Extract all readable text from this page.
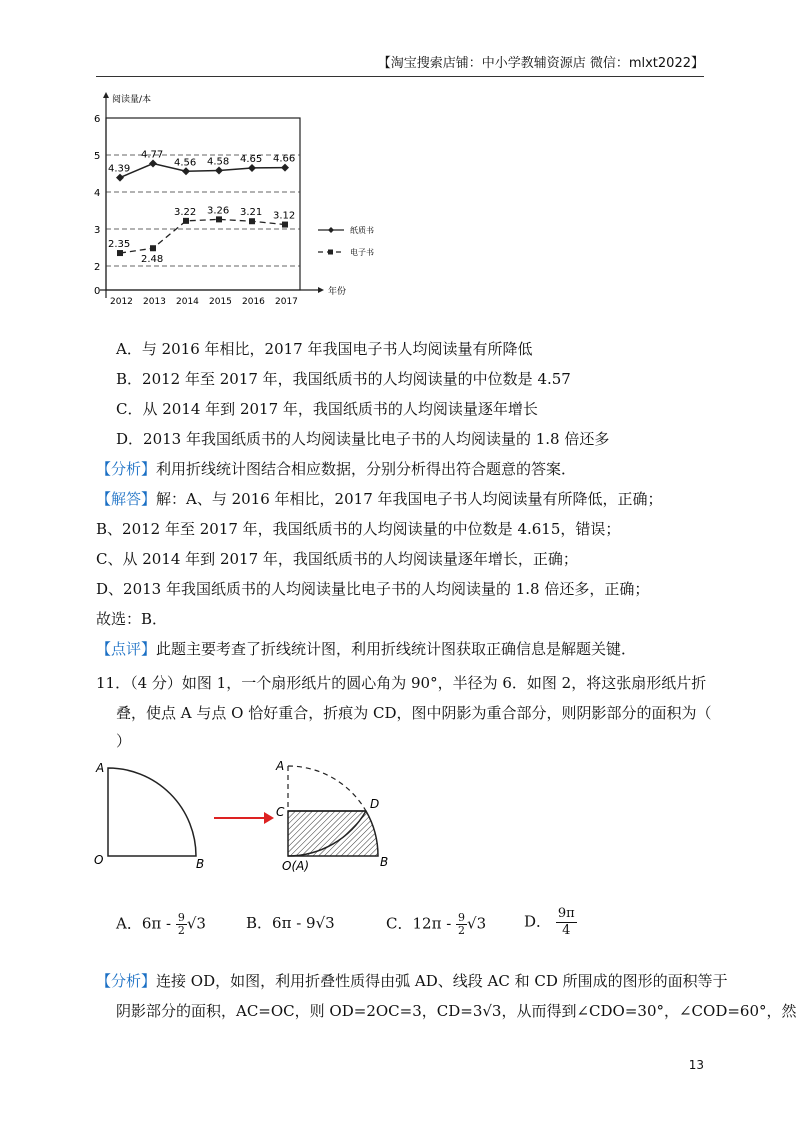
【淘宝搜索店铺：中小学教辅资源店 微信：mlxt2022】
阅读量/本
年份
0
2
3
4
5
6
2012 2013 2014 2015 2016 2017
纸质书
电子书
4.39
4.77
4.56 4.58 4.65 4.66
2.35
2.48
3.22 3.26 3.21 3.12
A．与 2016 年相比，2017 年我国电子书人均阅读量有所降低
B．2012 年至 2017 年，我国纸质书的人均阅读量的中位数是 4.57
C．从 2014 年到 2017 年，我国纸质书的人均阅读量逐年增长
D．2013 年我国纸质书的人均阅读量比电子书的人均阅读量的 1.8 倍还多
【分析】利用折线统计图结合相应数据，分别分析得出符合题意的答案．
【解答】解：A、与 2016 年相比，2017 年我国电子书人均阅读量有所降低，正确；
B、2012 年至 2017 年，我国纸质书的人均阅读量的中位数是 4.615，错误；
C、从 2014 年到 2017 年，我国纸质书的人均阅读量逐年增长，正确；
D、2013 年我国纸质书的人均阅读量比电子书的人均阅读量的 1.8 倍还多，正确；
故选：B．
【点评】此题主要考查了折线统计图，利用折线统计图获取正确信息是解题关键．
11．（4 分）如图 1，一个扇形纸片的圆心角为 90°，半径为 6．如图 2，将这张扇形纸片折
叠，使点 A 与点 O 恰好重合，折痕为 CD，图中阴影为重合部分，则阴影部分的面积为（
）
A
O	B
A
C
D
O(A)	B
A．$6\pi - \frac{9}{2} √3$	B．6π - 9√3	C．$12\pi - \frac{9}{2} √3$	D． $\frac{9\pi}{4}$
【分析】连接 OD，如图，利用折叠性质得由弧 AD、线段 AC 和 CD 所围成的图形的面积等于
阴影部分的面积，AC=OC，则 OD=2OC=3，CD=3√3，从而得到∠CDO=30°，∠COD=60°，然
13
